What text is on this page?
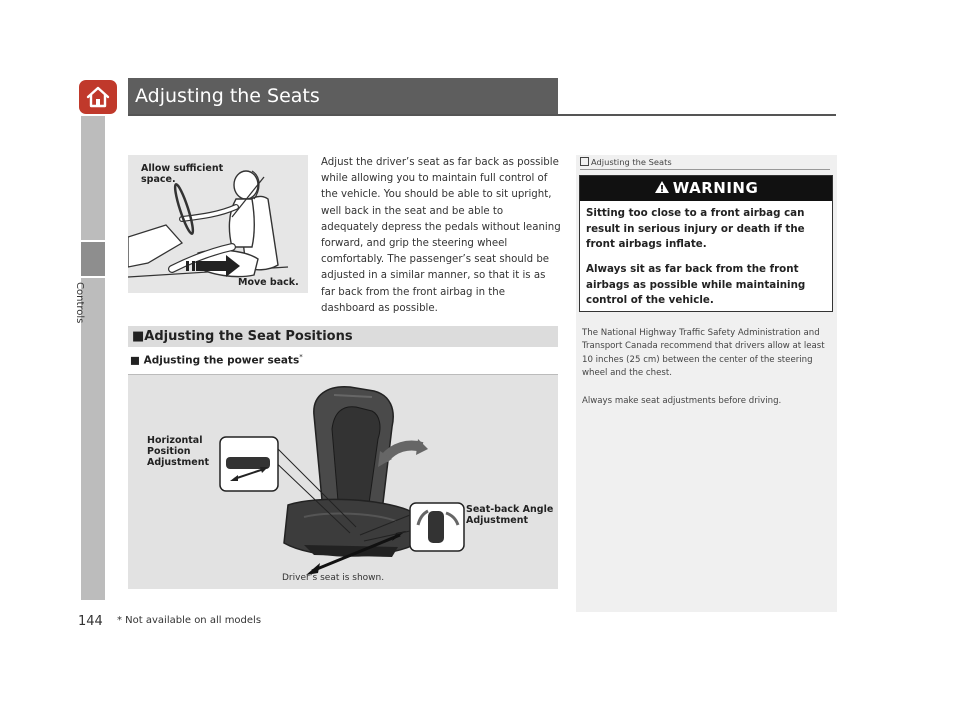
Adjusting the Seats
Controls
Allow sufficient
space.
Move back.
Adjust the driver’s seat as far back as possible while allowing you to maintain full control of the vehicle. You should be able to sit upright, well back in the seat and be able to adequately depress the pedals without leaning forward, and grip the steering wheel comfortably. The passenger’s seat should be adjusted in a similar manner, so that it is as far back from the front airbag in the dashboard as possible.
■Adjusting the Seat Positions
■ Adjusting the power seats*
Horizontal
Position
Adjustment
Seat-back Angle
Adjustment
Driver’s seat is shown.
Adjusting the Seats
WARNING
Sitting too close to a front airbag can result in serious injury or death if the front airbags inflate.
Always sit as far back from the front airbags as possible while maintaining control of the vehicle.
The National Highway Traffic Safety Administration and Transport Canada recommend that drivers allow at least 10 inches (25 cm) between the center of the steering wheel and the chest.
Always make seat adjustments before driving.
144 * Not available on all models
